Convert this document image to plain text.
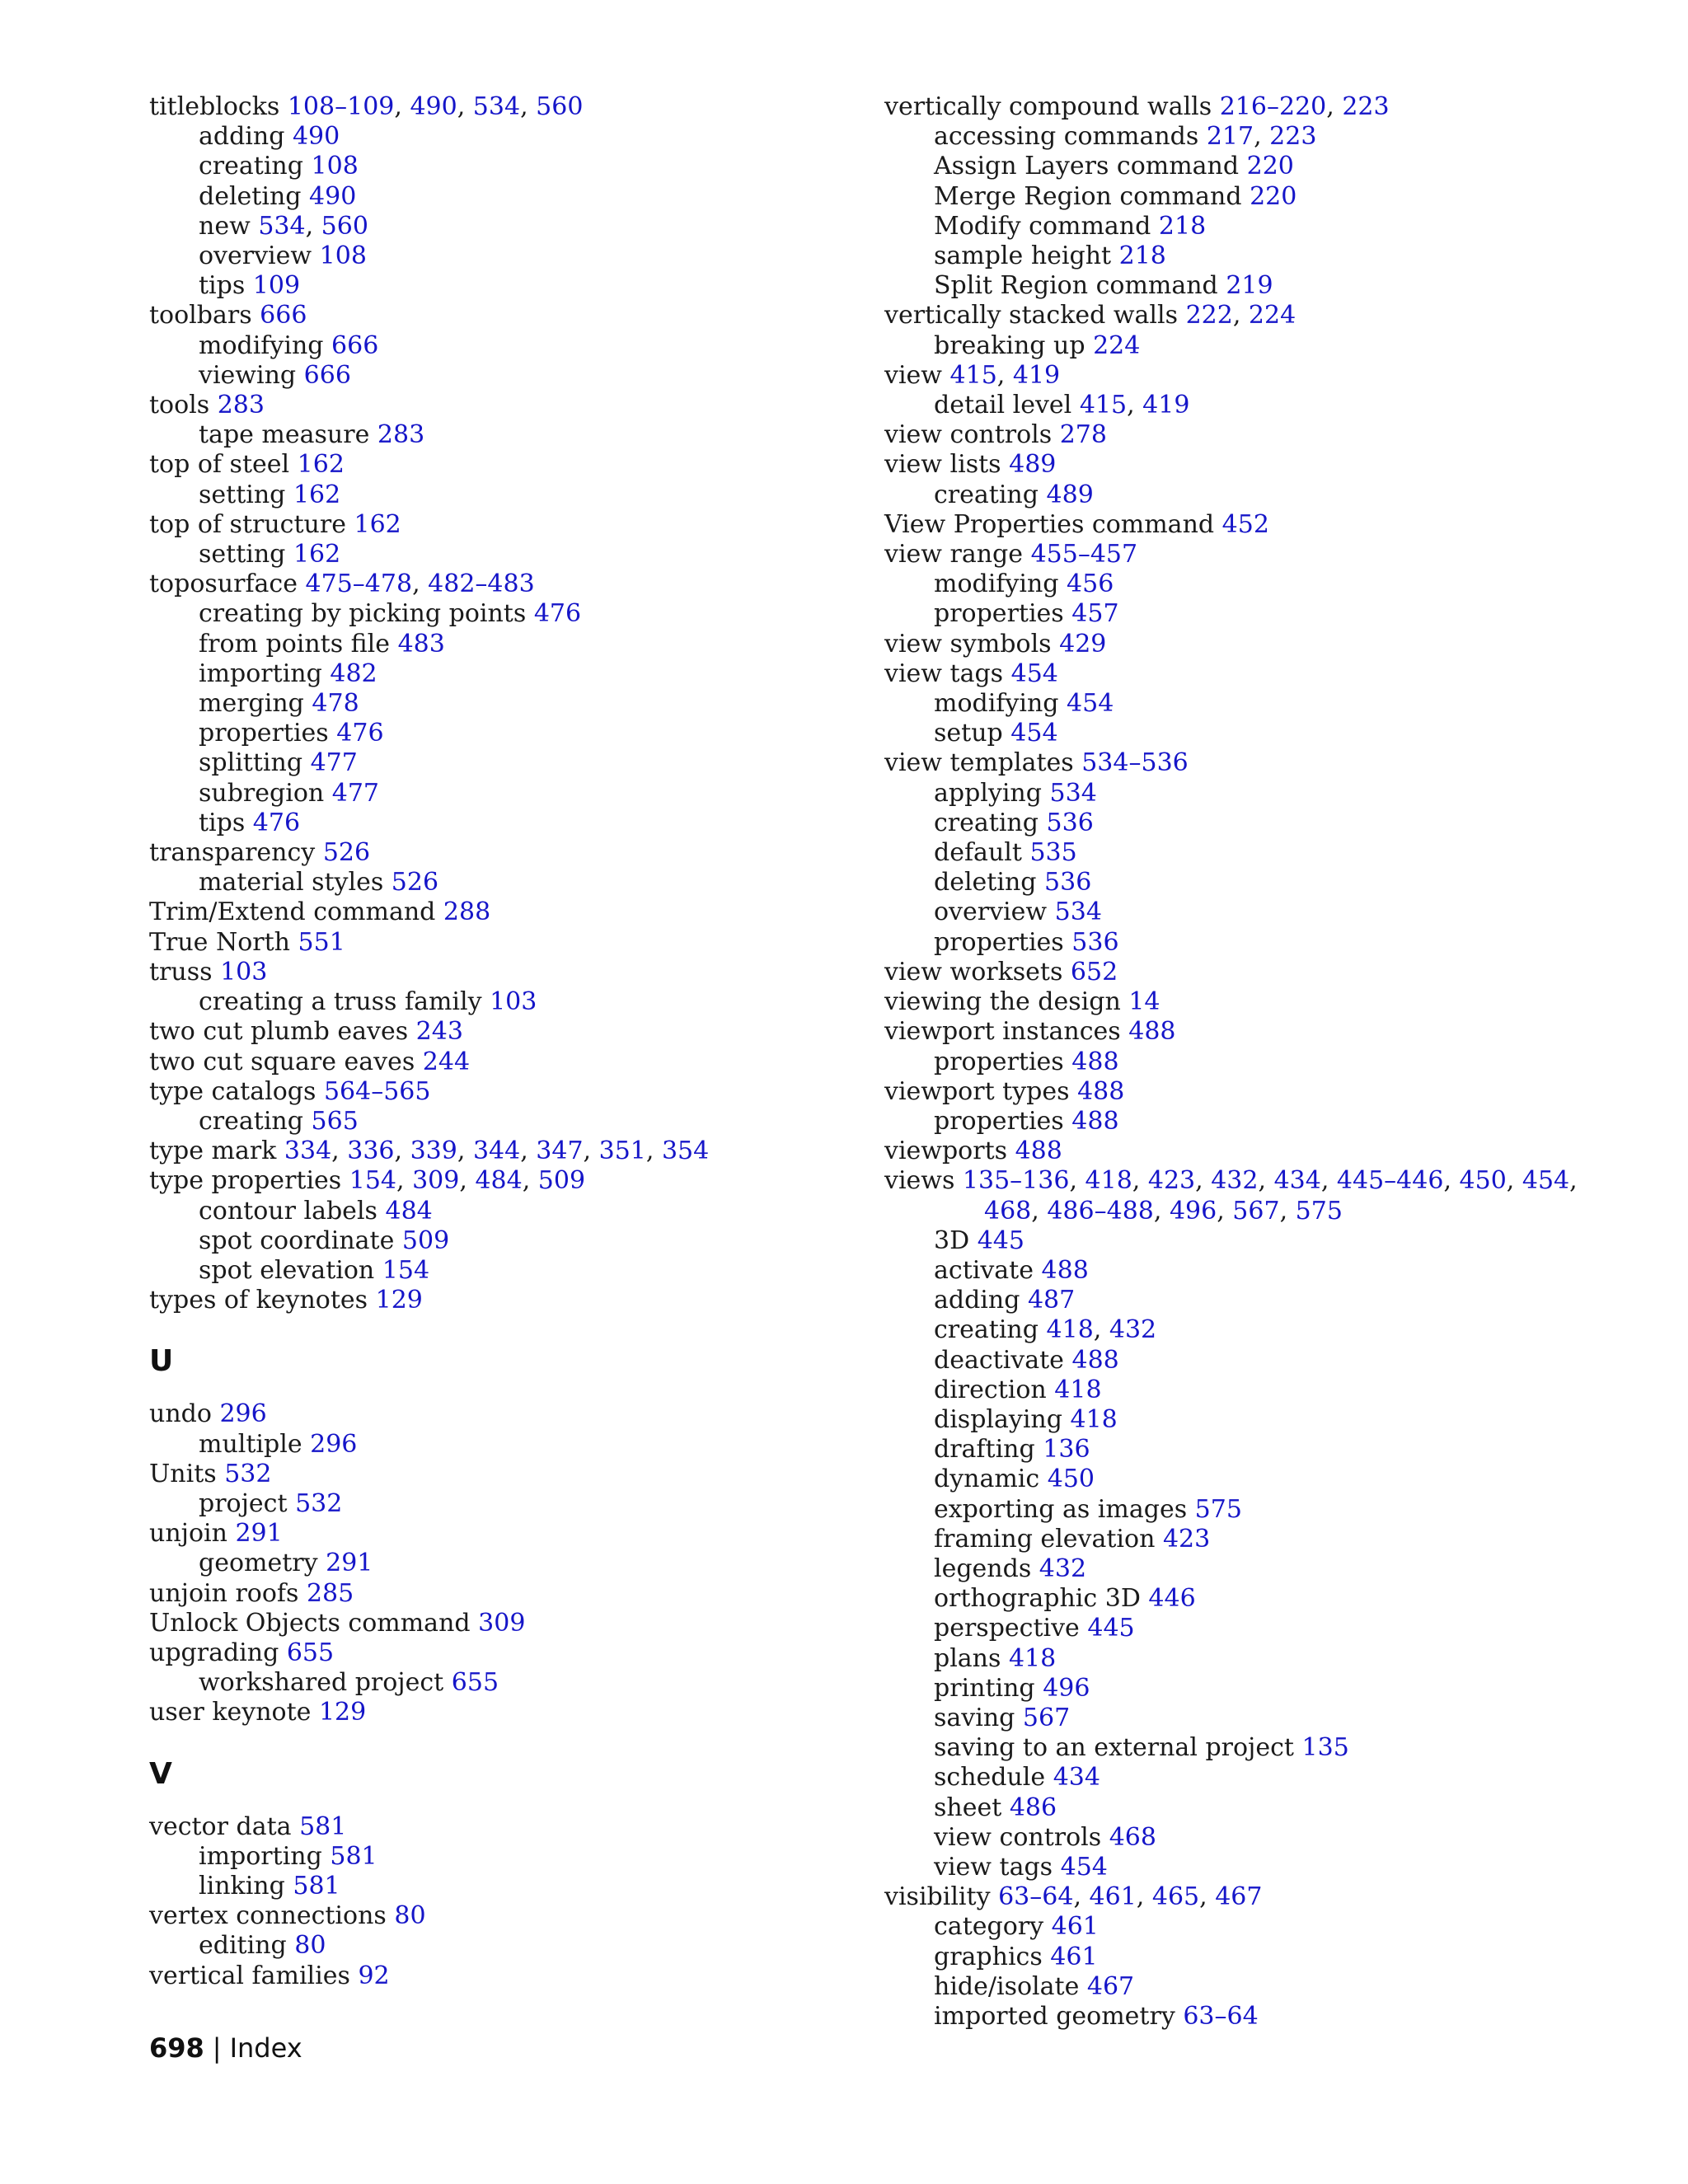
titleblocks 108–109, 490, 534, 560
adding 490
creating 108
deleting 490
new 534, 560
overview 108
tips 109
toolbars 666
modifying 666
viewing 666
tools 283
tape measure 283
top of steel 162
setting 162
top of structure 162
setting 162
toposurface 475–478, 482–483
creating by picking points 476
from points file 483
importing 482
merging 478
properties 476
splitting 477
subregion 477
tips 476
transparency 526
material styles 526
Trim/Extend command 288
True North 551
truss 103
creating a truss family 103
two cut plumb eaves 243
two cut square eaves 244
type catalogs 564–565
creating 565
type mark 334, 336, 339, 344, 347, 351, 354
type properties 154, 309, 484, 509
contour labels 484
spot coordinate 509
spot elevation 154
types of keynotes 129
U
undo 296
multiple 296
Units 532
project 532
unjoin 291
geometry 291
unjoin roofs 285
Unlock Objects command 309
upgrading 655
workshared project 655
user keynote 129
V
vector data 581
importing 581
linking 581
vertex connections 80
editing 80
vertical families 92
vertically compound walls 216–220, 223
accessing commands 217, 223
Assign Layers command 220
Merge Region command 220
Modify command 218
sample height 218
Split Region command 219
vertically stacked walls 222, 224
breaking up 224
view 415, 419
detail level 415, 419
view controls 278
view lists 489
creating 489
View Properties command 452
view range 455–457
modifying 456
properties 457
view symbols 429
view tags 454
modifying 454
setup 454
view templates 534–536
applying 534
creating 536
default 535
deleting 536
overview 534
properties 536
view worksets 652
viewing the design 14
viewport instances 488
properties 488
viewport types 488
properties 488
viewports 488
views 135–136, 418, 423, 432, 434, 445–446, 450, 454, 468, 486–488, 496, 567, 575
3D 445
activate 488
adding 487
creating 418, 432
deactivate 488
direction 418
displaying 418
drafting 136
dynamic 450
exporting as images 575
framing elevation 423
legends 432
orthographic 3D 446
perspective 445
plans 418
printing 496
saving 567
saving to an external project 135
schedule 434
sheet 486
view controls 468
view tags 454
visibility 63–64, 461, 465, 467
category 461
graphics 461
hide/isolate 467
imported geometry 63–64
698 | Index
